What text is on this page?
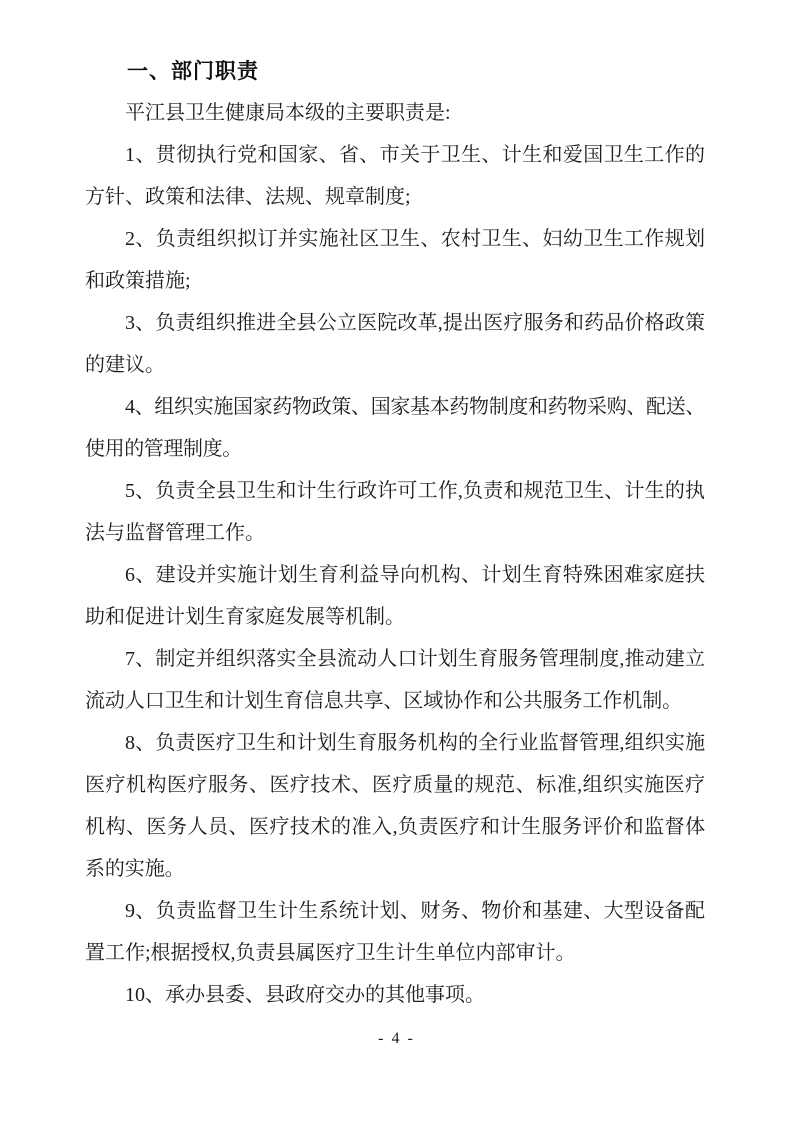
一、部门职责

平江县卫生健康局本级的主要职责是:

1、贯彻执行党和国家、省、市关于卫生、计生和爱国卫生工作的方针、政策和法律、法规、规章制度;

2、负责组织拟订并实施社区卫生、农村卫生、妇幼卫生工作规划和政策措施;

3、负责组织推进全县公立医院改革,提出医疗服务和药品价格政策的建议。

4、组织实施国家药物政策、国家基本药物制度和药物采购、配送、使用的管理制度。

5、负责全县卫生和计生行政许可工作,负责和规范卫生、计生的执法与监督管理工作。

6、建设并实施计划生育利益导向机构、计划生育特殊困难家庭扶助和促进计划生育家庭发展等机制。

7、制定并组织落实全县流动人口计划生育服务管理制度,推动建立流动人口卫生和计划生育信息共享、区域协作和公共服务工作机制。

8、负责医疗卫生和计划生育服务机构的全行业监督管理,组织实施医疗机构医疗服务、医疗技术、医疗质量的规范、标准,组织实施医疗机构、医务人员、医疗技术的准入,负责医疗和计生服务评价和监督体系的实施。

9、负责监督卫生计生系统计划、财务、物价和基建、大型设备配置工作;根据授权,负责县属医疗卫生计生单位内部审计。

10、承办县委、县政府交办的其他事项。

- 4 -
